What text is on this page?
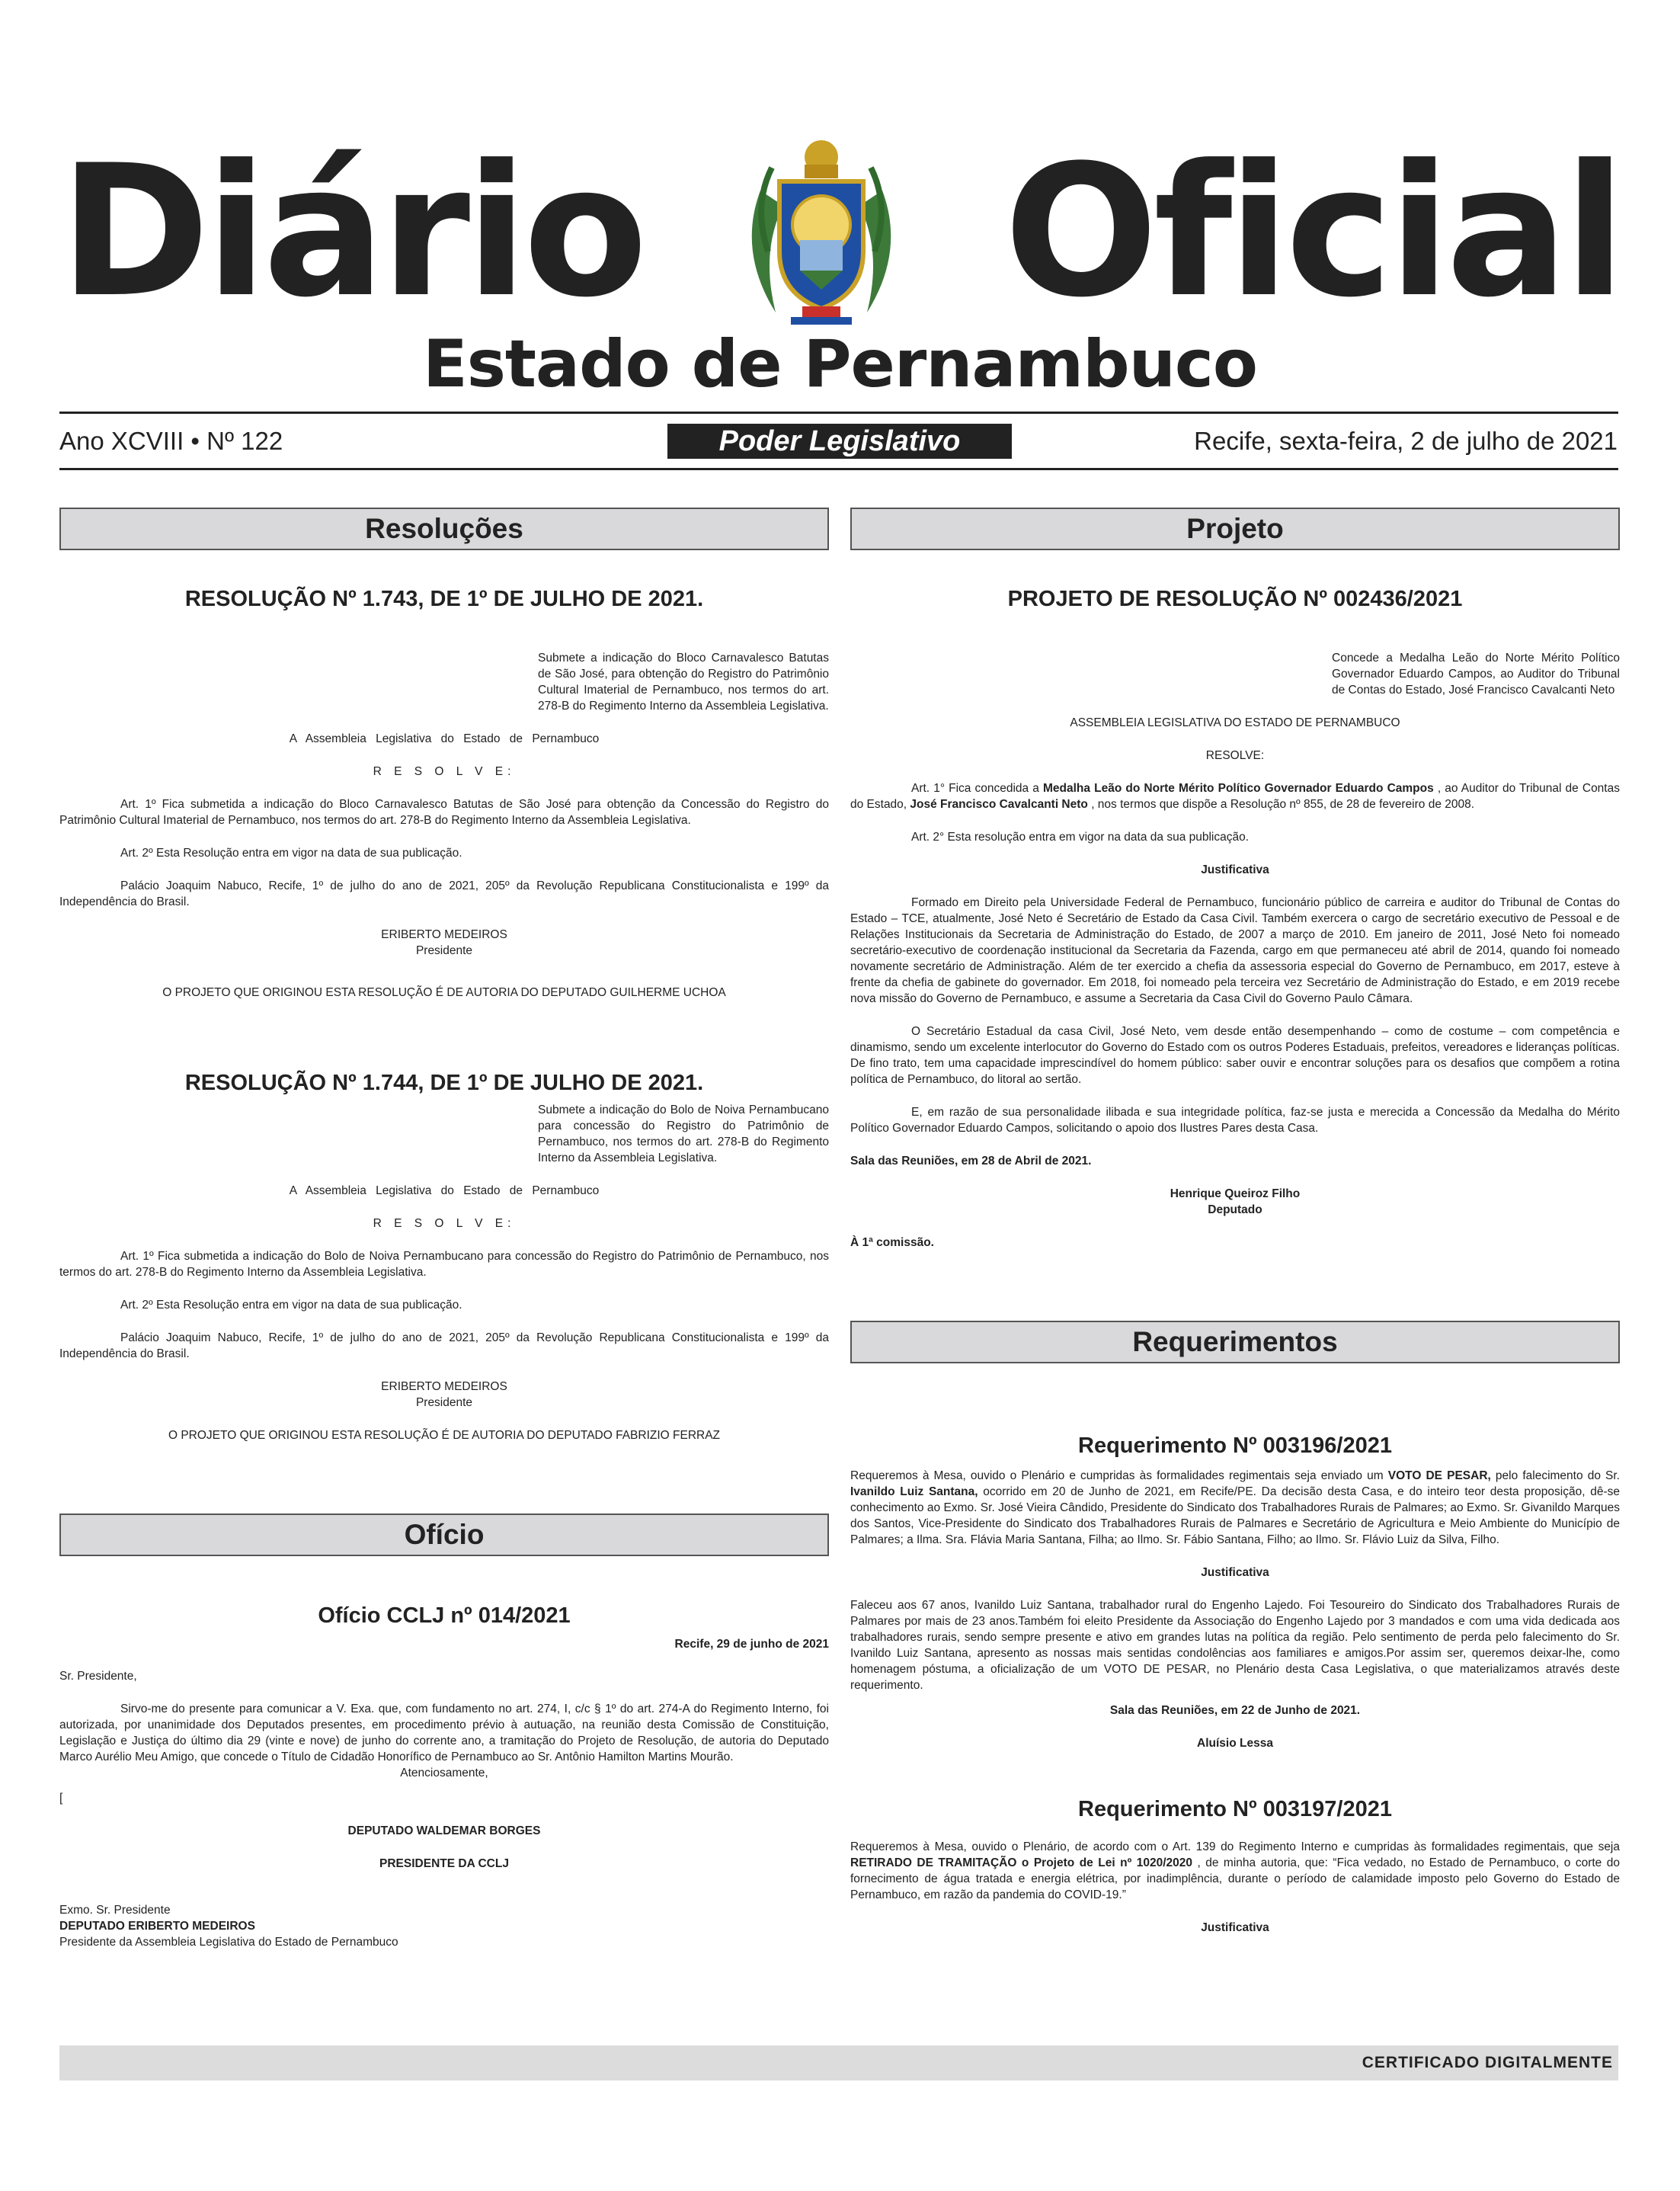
Diário Oficial
Estado de Pernambuco
Ano XCVIII • Nº 122	Poder Legislativo	Recife, sexta-feira, 2 de julho de 2021
Resoluções

RESOLUÇÃO Nº 1.743, DE 1º DE JULHO DE 2021.

Submete a indicação do Bloco Carnavalesco Batutas de São José, para obtenção do Registro do Patrimônio Cultural Imaterial de Pernambuco, nos termos do art. 278-B do Regimento Interno da Assembleia Legislativa.

A Assembleia Legislativa do Estado de Pernambuco

R E S O L V E:

Art. 1º Fica submetida a indicação do Bloco Carnavalesco Batutas de São José para obtenção da Concessão do Registro do Patrimônio Cultural Imaterial de Pernambuco, nos termos do art. 278-B do Regimento Interno da Assembleia Legislativa.

Art. 2º Esta Resolução entra em vigor na data de sua publicação.

Palácio Joaquim Nabuco, Recife, 1º de julho do ano de 2021, 205º da Revolução Republicana Constitucionalista e 199º da Independência do Brasil.

ERIBERTO MEDEIROS

Presidente

O PROJETO QUE ORIGINOU ESTA RESOLUÇÃO É DE AUTORIA DO DEPUTADO GUILHERME UCHOA

RESOLUÇÃO Nº 1.744, DE 1º DE JULHO DE 2021.

Submete a indicação do Bolo de Noiva Pernambucano para concessão do Registro do Patrimônio de Pernambuco, nos termos do art. 278-B do Regimento Interno da Assembleia Legislativa.

A Assembleia Legislativa do Estado de Pernambuco

R E S O L V E:

Art. 1º Fica submetida a indicação do Bolo de Noiva Pernambucano para concessão do Registro do Patrimônio de Pernambuco, nos termos do art. 278-B do Regimento Interno da Assembleia Legislativa.

Art. 2º Esta Resolução entra em vigor na data de sua publicação.

Palácio Joaquim Nabuco, Recife, 1º de julho do ano de 2021, 205º da Revolução Republicana Constitucionalista e 199º da Independência do Brasil.

ERIBERTO MEDEIROS

Presidente

O PROJETO QUE ORIGINOU ESTA RESOLUÇÃO É DE AUTORIA DO DEPUTADO FABRIZIO FERRAZ

Ofício

Ofício CCLJ nº 014/2021

Recife, 29 de junho de 2021

Sr. Presidente,

Sirvo-me do presente para comunicar a V. Exa. que, com fundamento no art. 274, I, c/c § 1º do art. 274-A do Regimento Interno, foi autorizada, por unanimidade dos Deputados presentes, em procedimento prévio à autuação, na reunião desta Comissão de Constituição, Legislação e Justiça do último dia 29 (vinte e nove) de junho do corrente ano, a tramitação do Projeto de Resolução, de autoria do Deputado Marco Aurélio Meu Amigo, que concede o Título de Cidadão Honorífico de Pernambuco ao Sr. Antônio Hamilton Martins Mourão.

Atenciosamente,

[

DEPUTADO WALDEMAR BORGES

PRESIDENTE DA CCLJ

Exmo. Sr. Presidente

DEPUTADO ERIBERTO MEDEIROS

Presidente da Assembleia Legislativa do Estado de Pernambuco

Projeto

PROJETO DE RESOLUÇÃO Nº 002436/2021

Concede a Medalha Leão do Norte Mérito Político Governador Eduardo Campos, ao Auditor do Tribunal de Contas do Estado, José Francisco Cavalcanti Neto

ASSEMBLEIA LEGISLATIVA DO ESTADO DE PERNAMBUCO

RESOLVE:

Art. 1° Fica concedida a Medalha Leão do Norte Mérito Político Governador Eduardo Campos , ao Auditor do Tribunal de Contas do Estado, José Francisco Cavalcanti Neto , nos termos que dispõe a Resolução nº 855, de 28 de fevereiro de 2008.

Art. 2° Esta resolução entra em vigor na data da sua publicação.

Justificativa

Formado em Direito pela Universidade Federal de Pernambuco, funcionário público de carreira e auditor do Tribunal de Contas do Estado – TCE, atualmente, José Neto é Secretário de Estado da Casa Civil. Também exercera o cargo de secretário executivo de Pessoal e de Relações Institucionais da Secretaria de Administração do Estado, de 2007 a março de 2010. Em janeiro de 2011, José Neto foi nomeado secretário-executivo de coordenação institucional da Secretaria da Fazenda, cargo em que permaneceu até abril de 2014, quando foi nomeado novamente secretário de Administração. Além de ter exercido a chefia da assessoria especial do Governo de Pernambuco, em 2017, esteve à frente da chefia de gabinete do governador. Em 2018, foi nomeado pela terceira vez Secretário de Administração do Estado, e em 2019 recebe nova missão do Governo de Pernambuco, e assume a Secretaria da Casa Civil do Governo Paulo Câmara.

O Secretário Estadual da casa Civil, José Neto, vem desde então desempenhando – como de costume – com competência e dinamismo, sendo um excelente interlocutor do Governo do Estado com os outros Poderes Estaduais, prefeitos, vereadores e lideranças políticas. De fino trato, tem uma capacidade imprescindível do homem público: saber ouvir e encontrar soluções para os desafios que compõem a rotina política de Pernambuco, do litoral ao sertão.

E, em razão de sua personalidade ilibada e sua integridade política, faz-se justa e merecida a Concessão da Medalha do Mérito Político Governador Eduardo Campos, solicitando o apoio dos Ilustres Pares desta Casa.

Sala das Reuniões, em 28 de Abril de 2021.

Henrique Queiroz Filho

Deputado

À 1ª comissão.

Requerimentos

Requerimento Nº 003196/2021

Requeremos à Mesa, ouvido o Plenário e cumpridas às formalidades regimentais seja enviado um VOTO DE PESAR, pelo falecimento do Sr. Ivanildo Luiz Santana, ocorrido em 20 de Junho de 2021, em Recife/PE. Da decisão desta Casa, e do inteiro teor desta proposição, dê-se conhecimento ao Exmo. Sr. José Vieira Cândido, Presidente do Sindicato dos Trabalhadores Rurais de Palmares; ao Exmo. Sr. Givanildo Marques dos Santos, Vice-Presidente do Sindicato dos Trabalhadores Rurais de Palmares e Secretário de Agricultura e Meio Ambiente do Município de Palmares; a Ilma. Sra. Flávia Maria Santana, Filha; ao Ilmo. Sr. Fábio Santana, Filho; ao Ilmo. Sr. Flávio Luiz da Silva, Filho.

Justificativa

Faleceu aos 67 anos, Ivanildo Luiz Santana, trabalhador rural do Engenho Lajedo. Foi Tesoureiro do Sindicato dos Trabalhadores Rurais de Palmares por mais de 23 anos.Também foi eleito Presidente da Associação do Engenho Lajedo por 3 mandados e com uma vida dedicada aos trabalhadores rurais, sendo sempre presente e ativo em grandes lutas na política da região. Pelo sentimento de perda pelo falecimento do Sr. Ivanildo Luiz Santana, apresento as nossas mais sentidas condolências aos familiares e amigos.Por assim ser, queremos deixar-lhe, como homenagem póstuma, a oficialização de um VOTO DE PESAR, no Plenário desta Casa Legislativa, o que materializamos através deste requerimento.

Sala das Reuniões, em 22 de Junho de 2021.

Aluísio Lessa

Requerimento Nº 003197/2021

Requeremos à Mesa, ouvido o Plenário, de acordo com o Art. 139 do Regimento Interno e cumpridas às formalidades regimentais, que seja RETIRADO DE TRAMITAÇÃO o Projeto de Lei nº 1020/2020 , de minha autoria, que: “Fica vedado, no Estado de Pernambuco, o corte do fornecimento de água tratada e energia elétrica, por inadimplência, durante o período de calamidade imposto pelo Governo do Estado de Pernambuco, em razão da pandemia do COVID-19.”

Justificativa

CERTIFICADO DIGITALMENTE
